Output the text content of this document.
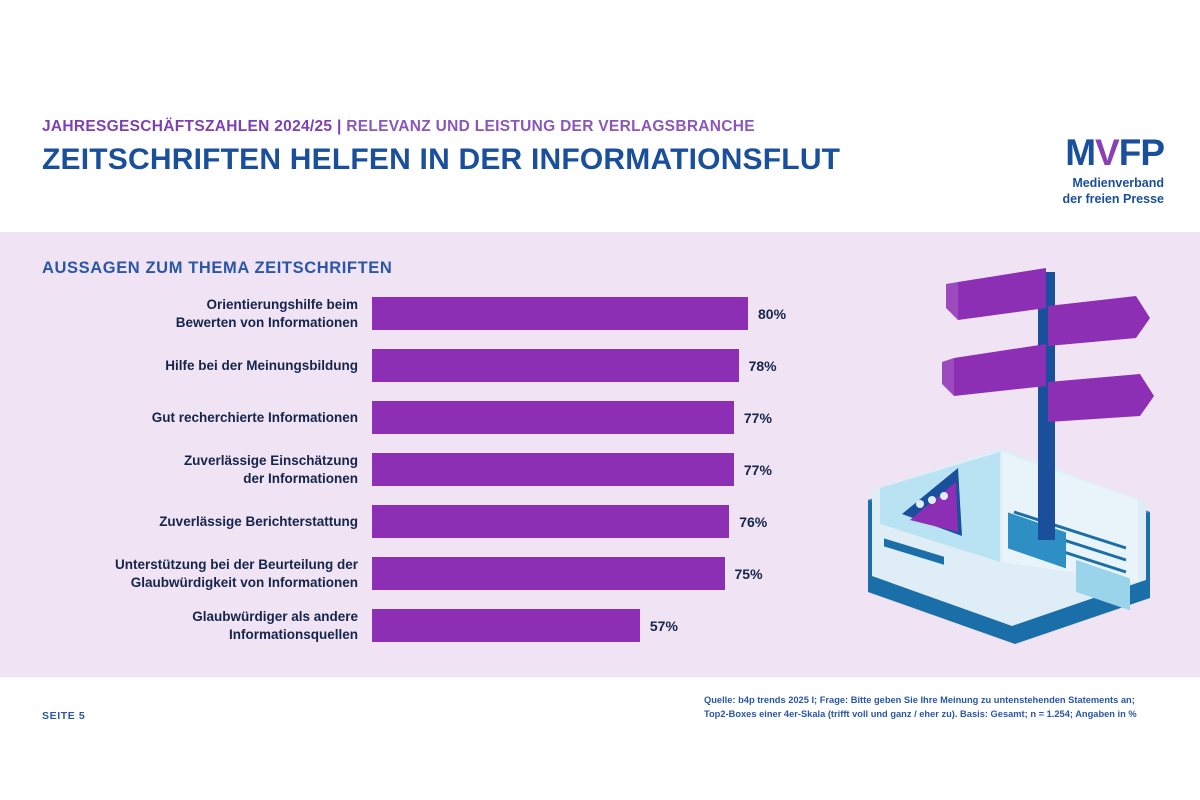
JAHRESGESCHÄFTSZAHLEN 2024/25 | RELEVANZ UND LEISTUNG DER VERLAGSBRANCHE
ZEITSCHRIFTEN HELFEN IN DER INFORMATIONSFLUT	MVFP
Medienverband
der freien Presse
AUSSAGEN ZUM THEMA ZEITSCHRIFTEN
Orientierungshilfe beim
Bewerten von Informationen
80%
Hilfe bei der Meinungsbildung	78%
Gut recherchierte Informationen	77%
Zuverlässige Einschätzung
der Informationen
77%
Zuverlässige Berichterstattung	76%
Unterstützung bei der Beurteilung der
Glaubwürdigkeit von Informationen
75%
Glaubwürdiger als andere
Informationsquellen
57%
SEITE 5
Quelle: b4p trends 2025 I; Frage: Bitte geben Sie Ihre Meinung zu untenstehenden Statements an;
Top2-Boxes einer 4er-Skala (trifft voll und ganz / eher zu). Basis: Gesamt; n = 1.254; Angaben in %
